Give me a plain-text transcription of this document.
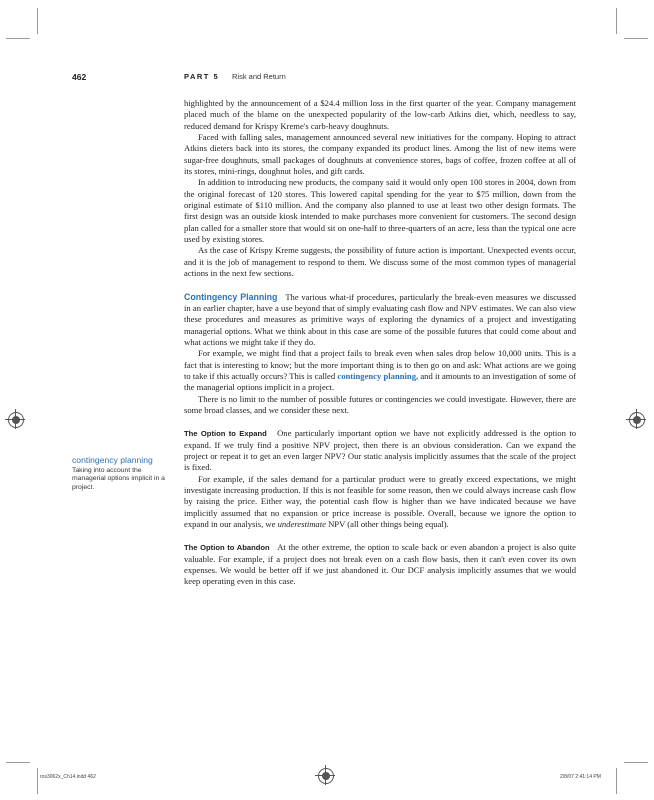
462	PART 5 Risk and Return

highlighted by the announcement of a $24.4 million loss in the first quarter of the year. Company management placed much of the blame on the unexpected popularity of the low-carb Atkins diet, which, needless to say, reduced demand for Krispy Kreme's carb-heavy doughnuts.

Faced with falling sales, management announced several new initiatives for the company. Hoping to attract Atkins dieters back into its stores, the company expanded its product lines. Among the list of new items were sugar-free doughnuts, small packages of doughnuts at convenience stores, bags of coffee, frozen coffee at all of its stores, mini-rings, doughnut holes, and gift cards.

In addition to introducing new products, the company said it would only open 100 stores in 2004, down from the original forecast of 120 stores. This lowered capital spending for the year to $75 million, down from the original estimate of $110 million. And the company also planned to use at least two other design formats. The first design was an outside kiosk intended to make purchases more convenient for customers. The second design plan called for a smaller store that would sit on one-half to three-quarters of an acre, less than the typical one acre used by existing stores.

As the case of Krispy Kreme suggests, the possibility of future action is important. Unexpected events occur, and it is the job of management to respond to them. We discuss some of the most common types of managerial actions in the next few sections.

Contingency Planning The various what-if procedures, particularly the break-even measures we discussed in an earlier chapter, have a use beyond that of simply evaluating cash flow and NPV estimates. We can also view these procedures and measures as primitive ways of exploring the dynamics of a project and investigating managerial options. What we think about in this case are some of the possible futures that could come about and what actions we might take if they do.

For example, we might find that a project fails to break even when sales drop below 10,000 units. This is a fact that is interesting to know; but the more important thing is to then go on and ask: What actions are we going to take if this actually occurs? This is called contingency planning, and it amounts to an investigation of some of the managerial options implicit in a project.

There is no limit to the number of possible futures or contingencies we could investigate. However, there are some broad classes, and we consider these next.

The Option to Expand One particularly important option we have not explicitly addressed is the option to expand. If we truly find a positive NPV project, then there is an obvious consideration. Can we expand the project or repeat it to get an even larger NPV? Our static analysis implicitly assumes that the scale of the project is fixed.

For example, if the sales demand for a particular product were to greatly exceed expectations, we might investigate increasing production. If this is not feasible for some reason, then we could always increase cash flow by raising the price. Either way, the potential cash flow is higher than we have indicated because we have implicitly assumed that no expansion or price increase is possible. Overall, because we ignore the option to expand in our analysis, we underestimate NPV (all other things being equal).

The Option to Abandon At the other extreme, the option to scale back or even abandon a project is also quite valuable. For example, if a project does not break even on a cash flow basis, then it can't even cover its own expenses. We would be better off if we just abandoned it. Our DCF analysis implicitly assumes that we would keep operating even in this case.

contingency planning
Taking into account the managerial options implicit in a project.
ros3062x_Ch14.indd 462	2/8/07 2:41:14 PM
